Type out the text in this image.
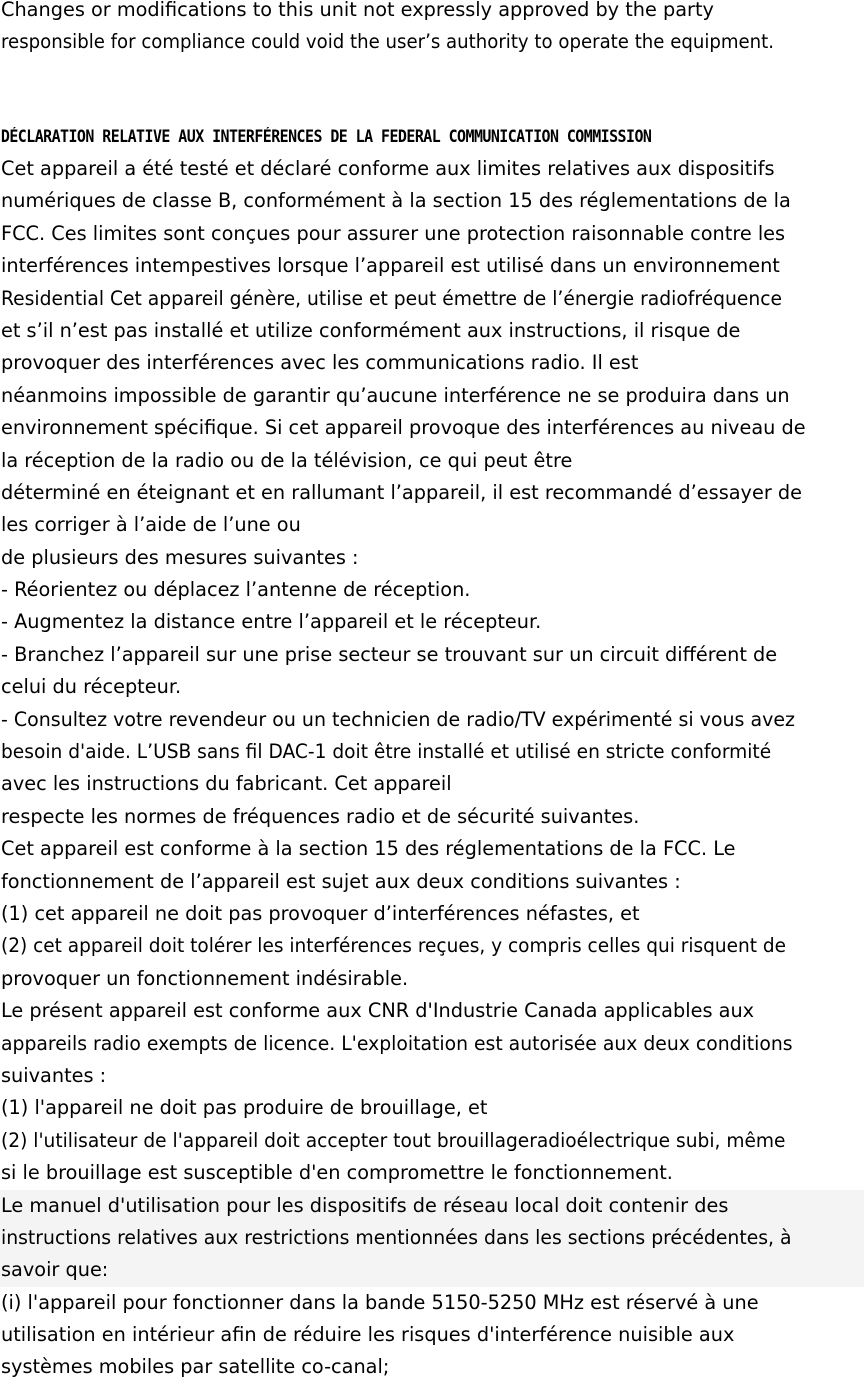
Changes or modifications to this unit not expressly approved by the party
responsible for compliance could void the user’s authority to operate the equipment.
DÉCLARATION RELATIVE AUX INTERFÉRENCES DE LA FEDERAL COMMUNICATION COMMISSION
Cet appareil a été testé et déclaré conforme aux limites relatives aux dispositifs
numériques de classe B, conformément à la section 15 des réglementations de la
FCC. Ces limites sont conçues pour assurer une protection raisonnable contre les
interférences intempestives lorsque l’appareil est utilisé dans un environnement
Residential Cet appareil génère, utilise et peut émettre de l’énergie radiofréquence
et s’il n’est pas installé et utilize conformément aux instructions, il risque de
provoquer des interférences avec les communications radio. Il est
néanmoins impossible de garantir qu’aucune interférence ne se produira dans un
environnement spécifique. Si cet appareil provoque des interférences au niveau de
la réception de la radio ou de la télévision, ce qui peut être
déterminé en éteignant et en rallumant l’appareil, il est recommandé d’essayer de
les corriger à l’aide de l’une ou
de plusieurs des mesures suivantes :
- Réorientez ou déplacez l’antenne de réception.
- Augmentez la distance entre l’appareil et le récepteur.
- Branchez l’appareil sur une prise secteur se trouvant sur un circuit différent de
celui du récepteur.
- Consultez votre revendeur ou un technicien de radio/TV expérimenté si vous avez
besoin d'aide. L’USB sans fil DAC-1 doit être installé et utilisé en stricte conformité
avec les instructions du fabricant. Cet appareil
respecte les normes de fréquences radio et de sécurité suivantes.
Cet appareil est conforme à la section 15 des réglementations de la FCC. Le
fonctionnement de l’appareil est sujet aux deux conditions suivantes :
(1) cet appareil ne doit pas provoquer d’interférences néfastes, et
(2) cet appareil doit tolérer les interférences reçues, y compris celles qui risquent de
provoquer un fonctionnement indésirable.
Le présent appareil est conforme aux CNR d'Industrie Canada applicables aux
appareils radio exempts de licence. L'exploitation est autorisée aux deux conditions
suivantes :
(1) l'appareil ne doit pas produire de brouillage, et
(2) l'utilisateur de l'appareil doit accepter tout brouillageradioélectrique subi, même
si le brouillage est susceptible d'en compromettre le fonctionnement.
Le manuel d'utilisation pour les dispositifs de réseau local doit contenir des
instructions relatives aux restrictions mentionnées dans les sections précédentes, à
savoir que:
(i) l'appareil pour fonctionner dans la bande 5150-5250 MHz est réservé à une
utilisation en intérieur afin de réduire les risques d'interférence nuisible aux
systèmes mobiles par satellite co-canal;
